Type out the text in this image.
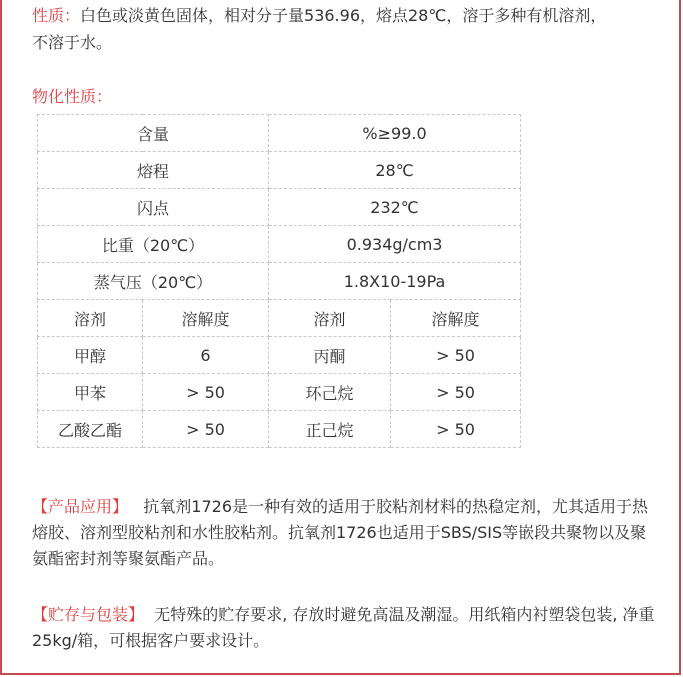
性质：白色或淡黄色固体，相对分子量536.96，熔点28℃，溶于多种有机溶剂，
不溶于水。
物化性质：
含量		%≥99.0	
熔程		28℃	
闪点		232℃	
比重（20℃）		0.934g/cm3	
蒸气压（20℃）		1.8X10-19Pa	
溶剂	溶解度	溶剂	溶解度
甲醇	6	丙酮	> 50
甲苯	> 50	环己烷	> 50
乙酸乙酯	> 50	正己烷	> 50
【产品应用】 抗氧剂1726是一种有效的适用于胶粘剂材料的热稳定剂，尤其适用于热熔胶、溶剂型胶粘剂和水性胶粘剂。抗氧剂1726也适用于SBS/SIS等嵌段共聚物以及聚氨酯密封剂等聚氨酯产品。
【贮存与包装】 无特殊的贮存要求, 存放时避免高温及潮湿。用纸箱内衬塑袋包装, 净重25kg/箱，可根据客户要求设计。
